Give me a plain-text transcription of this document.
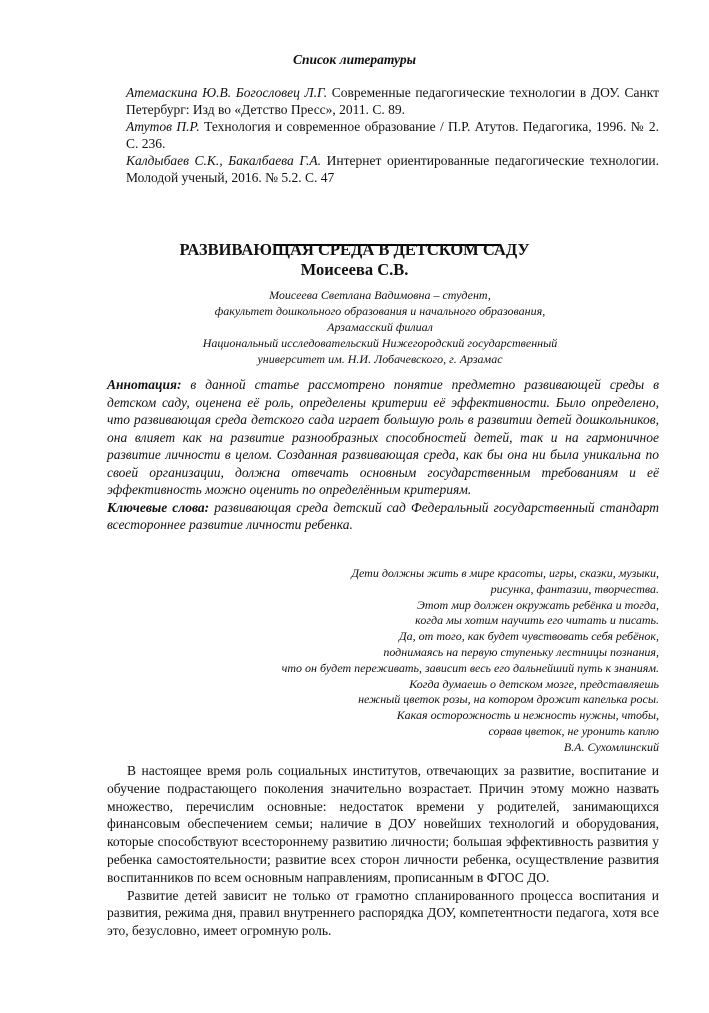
Список литературы
Атемаскина Ю.В. Богословец Л.Г. Современные педагогические технологии в ДОУ. Санкт Петербург: Изд во «Детство Пресс», 2011. С. 89.
Атутов П.Р. Технология и современное образование / П.Р. Атутов. Педагогика, 1996. № 2. С. 236.
Калдыбаев С.К., Бакалбаева Г.А. Интернет ориентированные педагогические технологии. Молодой ученый, 2016. № 5.2. С. 47
РАЗВИВАЮЩАЯ СРЕДА В ДЕТСКОМ САДУ
Моисеева С.В.
Моисеева Светлана Вадимовна – студент,
факультет дошкольного образования и начального образования,
Арзамасский филиал
Национальный исследовательский Нижегородский государственный
университет им. Н.И. Лобачевского, г. Арзамас
Аннотация: в данной статье рассмотрено понятие предметно развивающей среды в детском саду, оценена её роль, определены критерии её эффективности. Было определено, что развивающая среда детского сада играет большую роль в развитии детей дошкольников, она влияет как на развитие разнообразных способностей детей, так и на гармоничное развитие личности в целом. Созданная развивающая среда, как бы она ни была уникальна по своей организации, должна отвечать основным государственным требованиям и её эффективность можно оценить по определённым критериям.
Ключевые слова: развивающая среда детский сад Федеральный государственный стандарт всестороннее развитие личности ребенка.
Дети должны жить в мире красоты, игры, сказки, музыки,
рисунка, фантазии, творчества.
Этот мир должен окружать ребёнка и тогда,
когда мы хотим научить его читать и писать.
Да, от того, как будет чувствовать себя ребёнок,
поднимаясь на первую ступеньку лестницы познания,
что он будет переживать, зависит весь его дальнейший путь к знаниям.
Когда думаешь о детском мозге, представляешь
нежный цветок розы, на котором дрожит капелька росы.
Какая осторожность и нежность нужны, чтобы,
сорвав цветок, не уронить каплю
В.А. Сухомлинский

В настоящее время роль социальных институтов, отвечающих за развитие, воспитание и обучение подрастающего поколения значительно возрастает. Причин этому можно назвать множество, перечислим основные: недостаток времени у родителей, занимающихся финансовым обеспечением семьи; наличие в ДОУ новейших технологий и оборудования, которые способствуют всестороннему развитию личности; большая эффективность развития у ребенка самостоятельности; развитие всех сторон личности ребенка, осуществление развития воспитанников по всем основным направлениям, прописанным в ФГОС ДО.

Развитие детей зависит не только от грамотно спланированного процесса воспитания и развития, режима дня, правил внутреннего распорядка ДОУ, компетентности педагога, хотя все это, безусловно, имеет огромную роль.
